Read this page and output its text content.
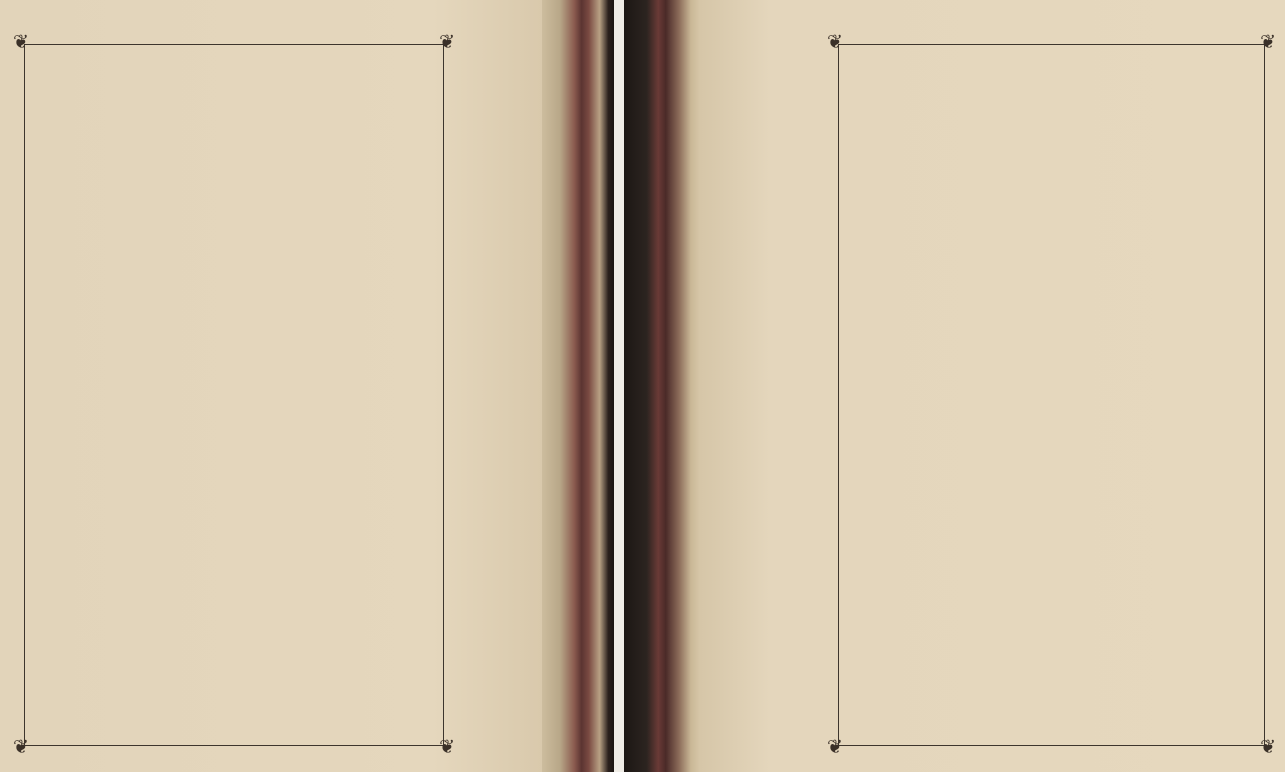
❦	❦
❦	❦
❦	❦
❦	❦
